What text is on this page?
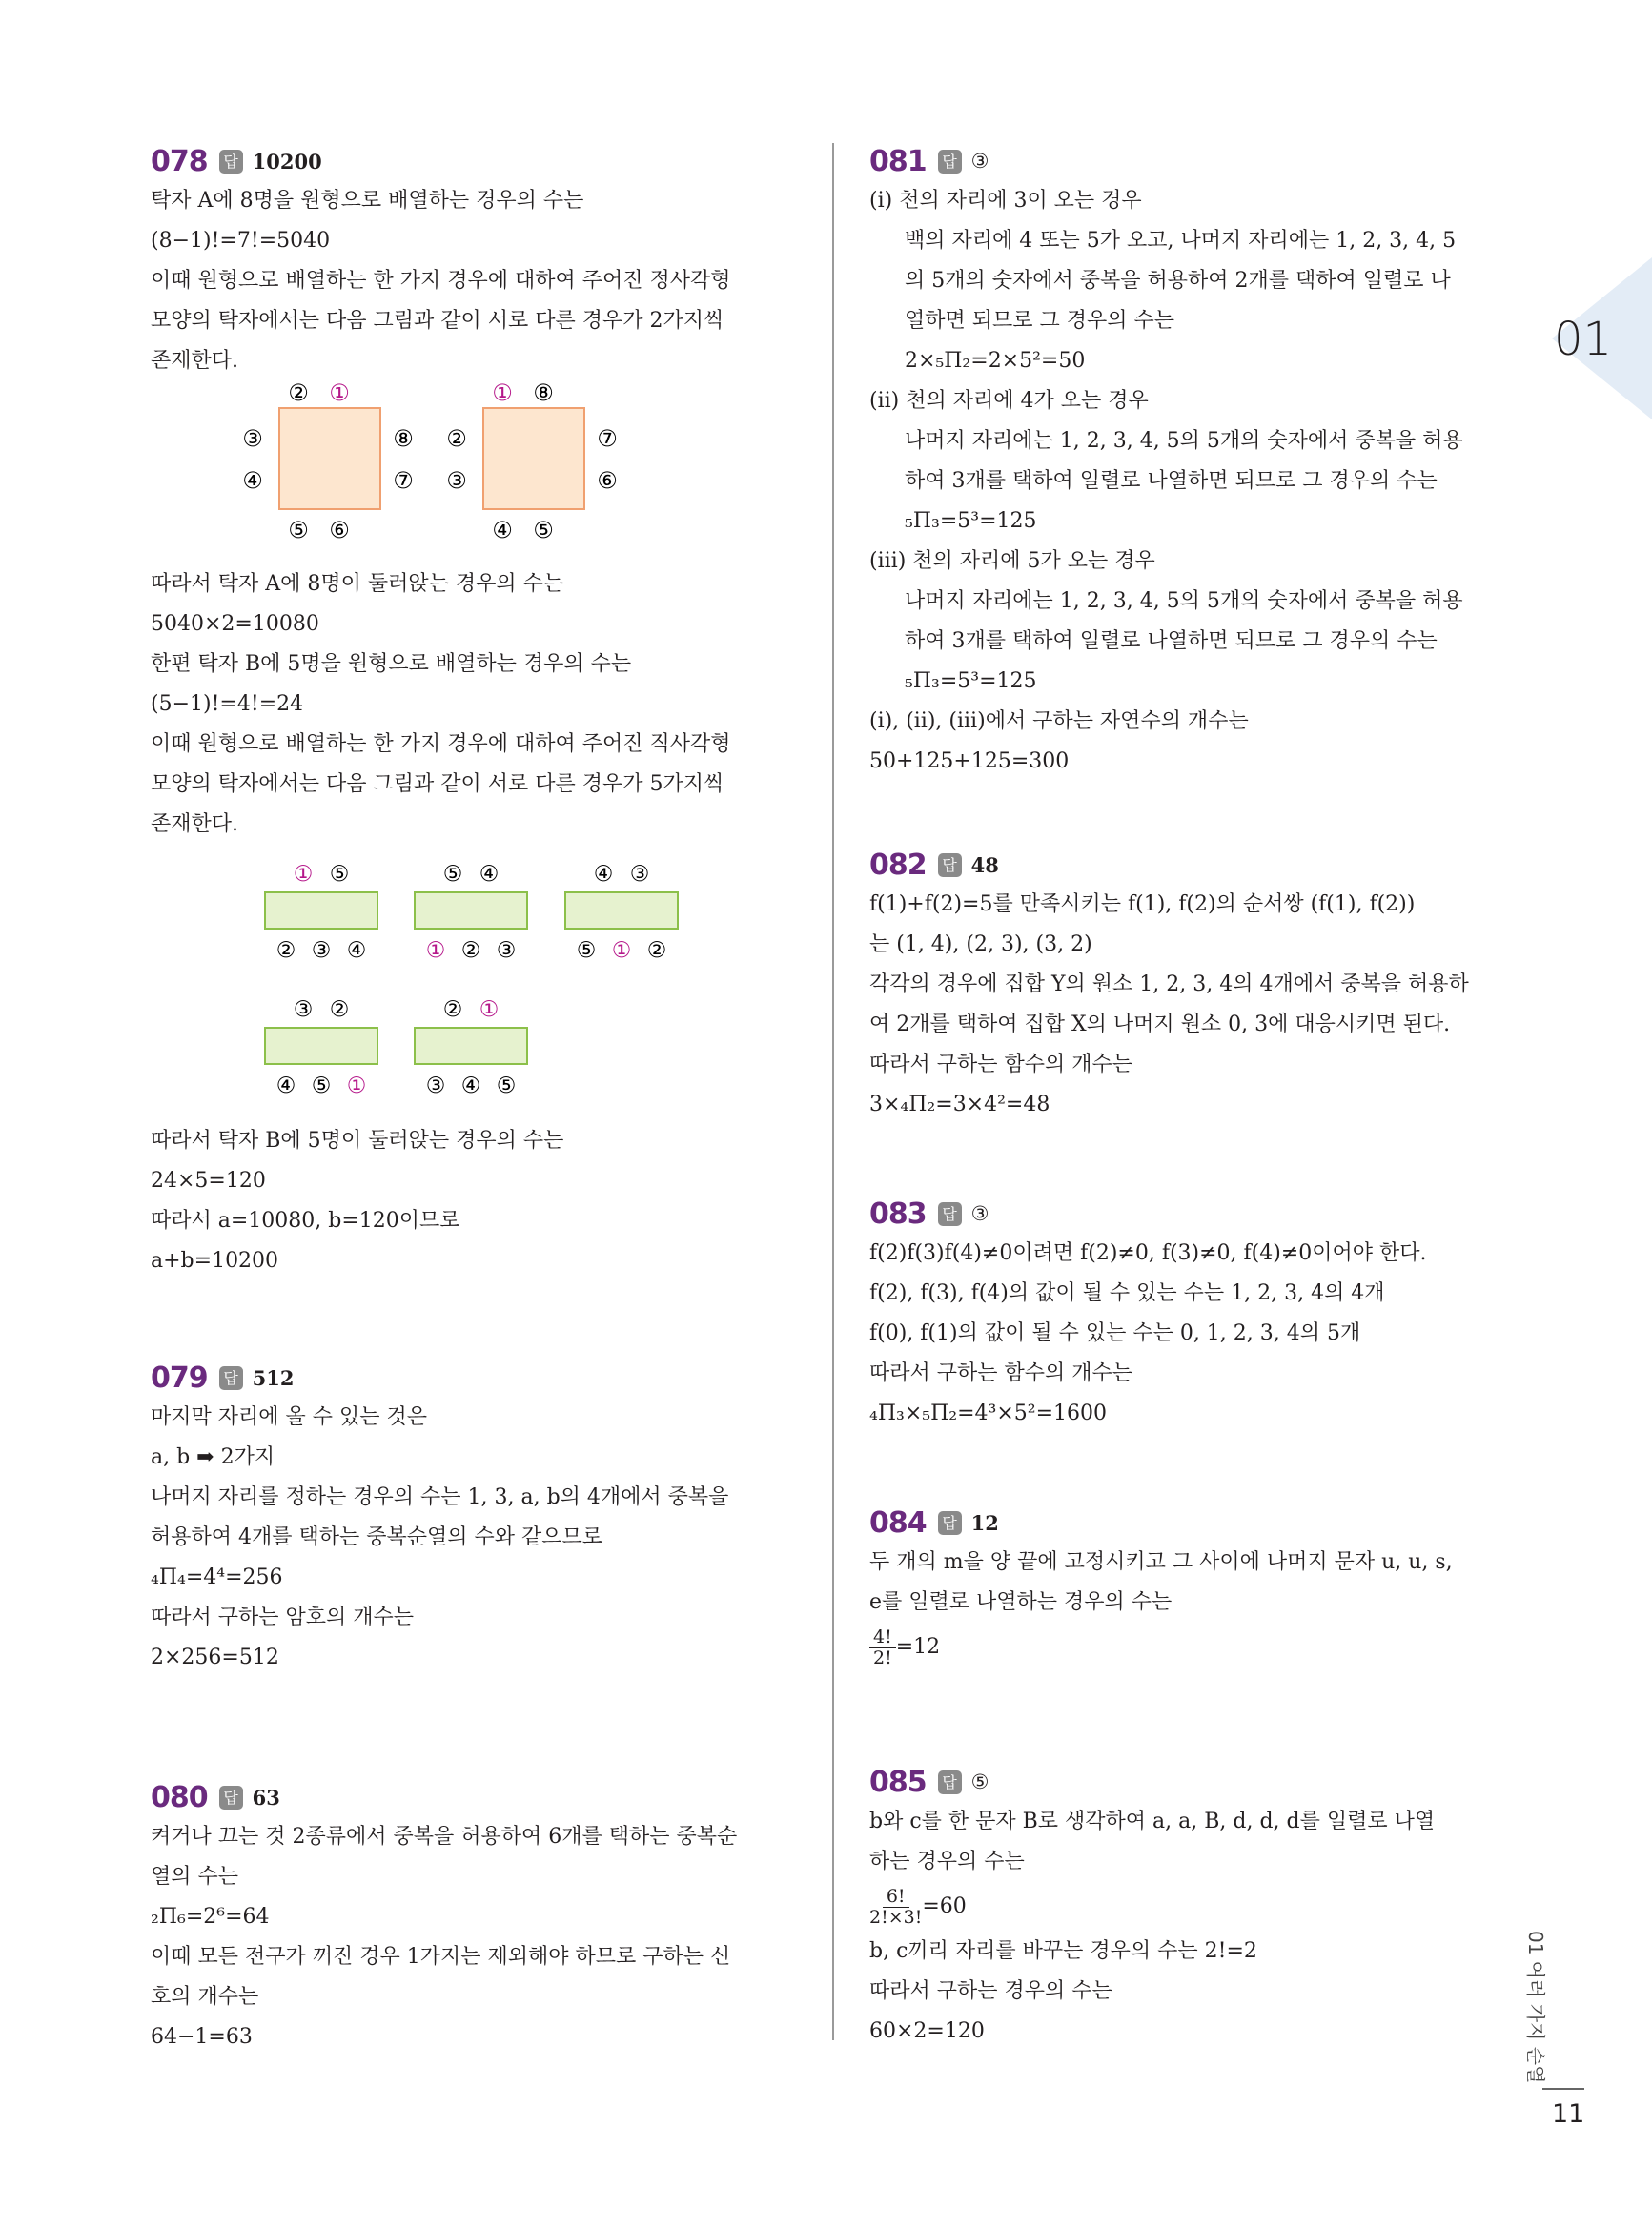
01
078 답 10200
탁자 A에 8명을 원형으로 배열하는 경우의 수는
(8−1)!=7!=5040
이때 원형으로 배열하는 한 가지 경우에 대하여 주어진 정사각형
모양의 탁자에서는 다음 그림과 같이 서로 다른 경우가 2가지씩
존재한다.
② ①
③
④
⑧
⑦
⑤ ⑥
① ⑧
②
③
⑦
⑥
④ ⑤
따라서 탁자 A에 8명이 둘러앉는 경우의 수는
5040×2=10080
한편 탁자 B에 5명을 원형으로 배열하는 경우의 수는
(5−1)!=4!=24
이때 원형으로 배열하는 한 가지 경우에 대하여 주어진 직사각형
모양의 탁자에서는 다음 그림과 같이 서로 다른 경우가 5가지씩
존재한다.
① ⑤
② ③ ④
⑤ ④
① ② ③
④ ③
⑤ ① ②
③ ②
④ ⑤ ①
② ①
③ ④ ⑤
따라서 탁자 B에 5명이 둘러앉는 경우의 수는
24×5=120
따라서 a=10080, b=120이므로
a+b=10200
079 답 512
마지막 자리에 올 수 있는 것은
a, b ➡ 2가지
나머지 자리를 정하는 경우의 수는 1, 3, a, b의 4개에서 중복을
허용하여 4개를 택하는 중복순열의 수와 같으므로
₄Π₄=4⁴=256
따라서 구하는 암호의 개수는
2×256=512
080 답 63
켜거나 끄는 것 2종류에서 중복을 허용하여 6개를 택하는 중복순
열의 수는
₂Π₆=2⁶=64
이때 모든 전구가 꺼진 경우 1가지는 제외해야 하므로 구하는 신
호의 개수는
64−1=63
081 답 ③
(ⅰ) 천의 자리에 3이 오는 경우
백의 자리에 4 또는 5가 오고, 나머지 자리에는 1, 2, 3, 4, 5
의 5개의 숫자에서 중복을 허용하여 2개를 택하여 일렬로 나
열하면 되므로 그 경우의 수는
2×₅Π₂=2×5²=50
(ⅱ) 천의 자리에 4가 오는 경우
나머지 자리에는 1, 2, 3, 4, 5의 5개의 숫자에서 중복을 허용
하여 3개를 택하여 일렬로 나열하면 되므로 그 경우의 수는
₅Π₃=5³=125
(ⅲ) 천의 자리에 5가 오는 경우
나머지 자리에는 1, 2, 3, 4, 5의 5개의 숫자에서 중복을 허용
하여 3개를 택하여 일렬로 나열하면 되므로 그 경우의 수는
₅Π₃=5³=125
(ⅰ), (ⅱ), (ⅲ)에서 구하는 자연수의 개수는
50+125+125=300
082 답 48
f(1)+f(2)=5를 만족시키는 f(1), f(2)의 순서쌍 (f(1), f(2))
는 (1, 4), (2, 3), (3, 2)
각각의 경우에 집합 Y의 원소 1, 2, 3, 4의 4개에서 중복을 허용하
여 2개를 택하여 집합 X의 나머지 원소 0, 3에 대응시키면 된다.
따라서 구하는 함수의 개수는
3×₄Π₂=3×4²=48
083 답 ③
f(2)f(3)f(4)≠0이려면 f(2)≠0, f(3)≠0, f(4)≠0이어야 한다.
f(2), f(3), f(4)의 값이 될 수 있는 수는 1, 2, 3, 4의 4개
f(0), f(1)의 값이 될 수 있는 수는 0, 1, 2, 3, 4의 5개
따라서 구하는 함수의 개수는
₄Π₃×₅Π₂=4³×5²=1600
084 답 12
두 개의 m을 양 끝에 고정시키고 그 사이에 나머지 문자 u, u, s,
e를 일렬로 나열하는 경우의 수는
$\frac{4!}{2!} =12$
085 답 ⑤
b와 c를 한 문자 B로 생각하여 a, a, B, d, d, d를 일렬로 나열
하는 경우의 수는
$\frac{6!}{2!\times 3!} =60$
b, c끼리 자리를 바꾸는 경우의 수는 2!=2
따라서 구하는 경우의 수는
60×2=120	01 여러 가지 순열
11
